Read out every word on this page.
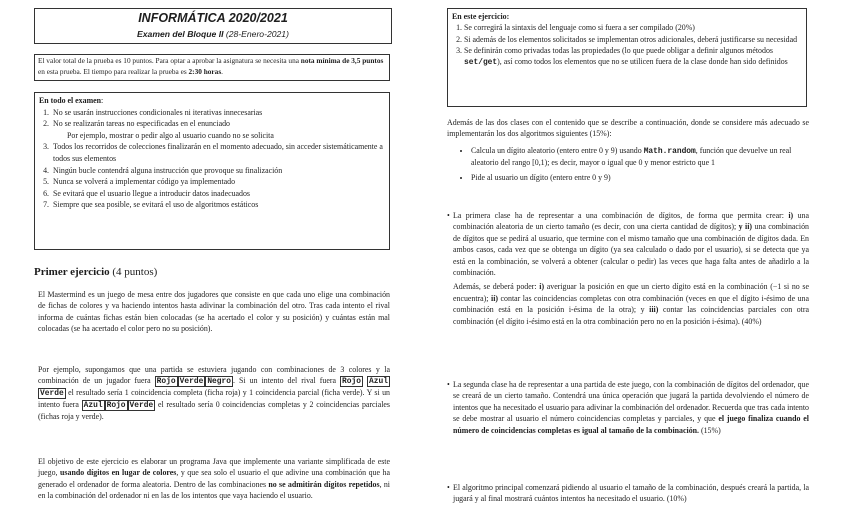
INFORMÁTICA 2020/2021
Examen del Bloque II (28-Enero-2021)
El valor total de la prueba es 10 puntos. Para optar a aprobar la asignatura se necesita una nota mínima de 3,5 puntos en esta prueba. El tiempo para realizar la prueba es 2:30 horas.
En todo el examen:
1. No se usarán instrucciones condicionales ni iterativas innecesarias
2. No se realizarán tareas no especificadas en el enunciado
Por ejemplo, mostrar o pedir algo al usuario cuando no se solicita
3. Todos los recorridos de colecciones finalizarán en el momento adecuado, sin acceder sistemáticamente a todos sus elementos
4. Ningún bucle contendrá alguna instrucción que provoque su finalización
5. Nunca se volverá a implementar código ya implementado
6. Se evitará que el usuario llegue a introducir datos inadecuados
7. Siempre que sea posible, se evitará el uso de algoritmos estáticos
Primer ejercicio (4 puntos)

El Mastermind es un juego de mesa entre dos jugadores que consiste en que cada uno elige una combinación de fichas de colores y va haciendo intentos hasta adivinar la combinación del otro. Tras cada intento el rival informa de cuántas fichas están bien colocadas (se ha acertado el color y su posición) y cuántas están mal colocadas (se ha acertado el color pero no su posición).

Por ejemplo, supongamos que una partida se estuviera jugando con combinaciones de 3 colores y la combinación de un jugador fuera Rojo Verde Negro . Si un intento del rival fuera Rojo Azul Verde el resultado sería 1 coincidencia completa (ficha roja) y 1 coincidencia parcial (ficha verde). Y si un intento fuera Azul Rojo Verde el resultado sería 0 coincidencias completas y 2 coincidencias parciales (fichas roja y verde).

El objetivo de este ejercicio es elaborar un programa Java que implemente una variante simplificada de este juego, usando dígitos en lugar de colores, y que sea solo el usuario el que adivine una combinación que ha generado el ordenador de forma aleatoria. Dentro de las combinaciones no se admitirán dígitos repetidos, ni en la combinación del ordenador ni en las de los intentos que vaya haciendo el usuario.

En este ejercicio:
1. Se corregirá la sintaxis del lenguaje como si fuera a ser compilado (20%)
2. Si además de los elementos solicitados se implementan otros adicionales, deberá justificarse su necesidad
3. Se definirán como privadas todas las propiedades (lo que puede obligar a definir algunos métodos set/get), así como todos los elementos que no se utilicen fuera de la clase donde han sido definidos

Además de las dos clases con el contenido que se describe a continuación, donde se considere más adecuado se implementarán los dos algoritmos siguientes (15%):

• Calcula un dígito aleatorio (entero entre 0 y 9) usando Math.random, función que devuelve un real aleatorio del rango [0,1); es decir, mayor o igual que 0 y menor estricto que 1
• Pide al usuario un dígito (entero entre 0 y 9)
• La primera clase ha de representar a una combinación de dígitos, de forma que permita crear: i) una combinación aleatoria de un cierto tamaño (es decir, con una cierta cantidad de dígitos); y ii) una combinación de dígitos que se pedirá al usuario, que termine con el mismo tamaño que una combinación de dígitos dada. En ambos casos, cada vez que se obtenga un dígito (ya sea calculado o dado por el usuario), si se detecta que ya está en la combinación, se volverá a obtener (calcular o pedir) las veces que haga falta antes de añadirlo a la combinación.
Además, se deberá poder: i) averiguar la posición en que un cierto dígito está en la combinación (−1 si no se encuentra); ii) contar las coincidencias completas con otra combinación (veces en que el dígito i-ésimo de una combinación está en la posición i-ésima de la otra); y iii) contar las coincidencias parciales con otra combinación (el dígito i-ésimo está en la otra combinación pero no en la posición i-ésima). (40%)
• La segunda clase ha de representar a una partida de este juego, con la combinación de dígitos del ordenador, que se creará de un cierto tamaño. Contendrá una única operación que jugará la partida devolviendo el número de intentos que ha necesitado el usuario para adivinar la combinación del ordenador. Recuerda que tras cada intento se debe mostrar al usuario el número coincidencias completas y parciales, y que el juego finaliza cuando el número de coincidencias completas es igual al tamaño de la combinación. (15%)
• El algoritmo principal comenzará pidiendo al usuario el tamaño de la combinación, después creará la partida, la jugará y al final mostrará cuántos intentos ha necesitado el usuario. (10%)
